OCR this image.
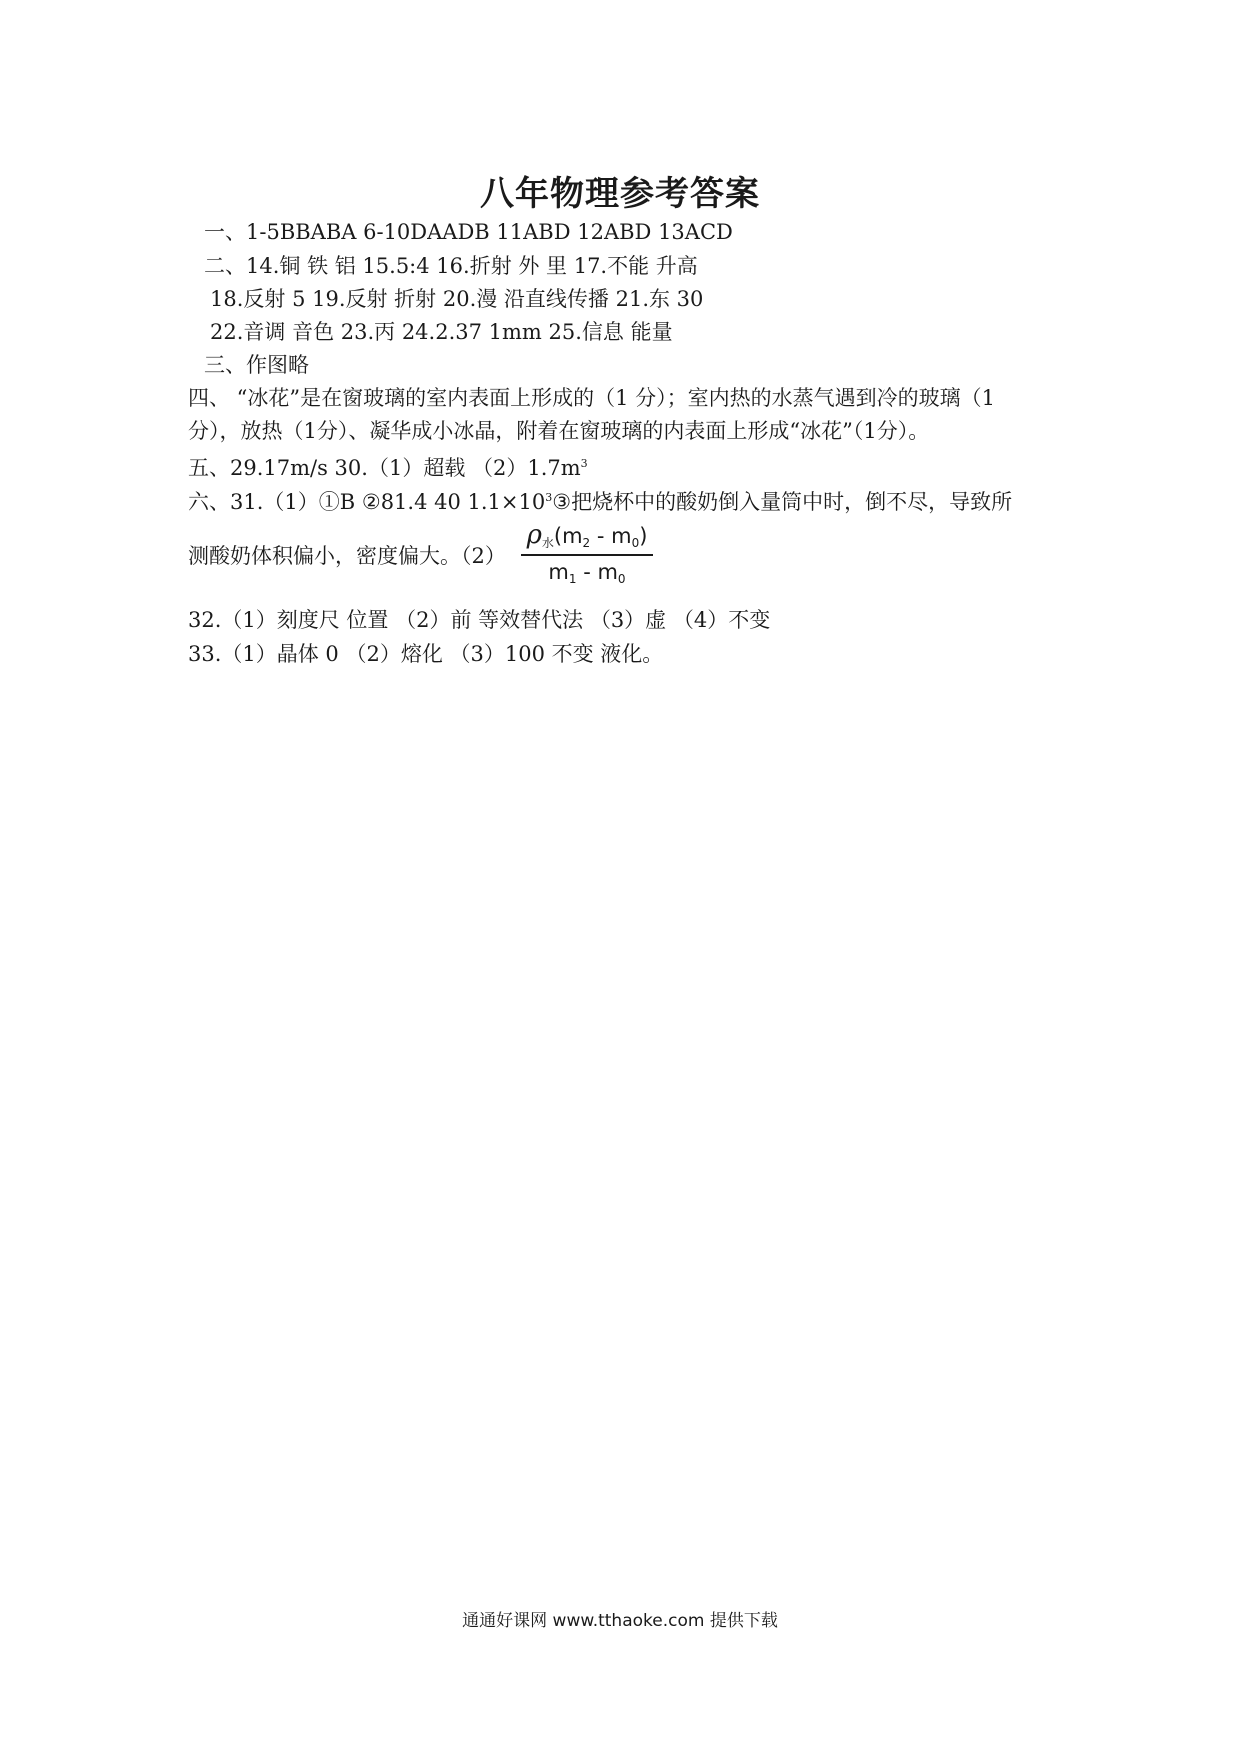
八年物理参考答案
一、1-5BBABA 6-10DAADB 11ABD 12ABD 13ACD
二、14.铜 铁 铝 15.5:4 16.折射 外 里 17.不能 升高
18.反射 5 19.反射 折射 20.漫 沿直线传播 21.东 30
22.音调 音色 23.丙 24.2.37 1mm 25.信息 能量
三、作图略
四、 “冰花”是在窗玻璃的室内表面上形成的（1 分）；室内热的水蒸气遇到冷的玻璃（1
分），放热（1分）、凝华成小冰晶，附着在窗玻璃的内表面上形成“冰花”（1分）。
五、29.17m/s 30.（1）超载 $(2)1.7m^3$
六、31.（1）①B ②81.4 40 $1.1\times 10^3③$把烧杯中的酸奶倒入量筒中时，倒不尽，导致所
测酸奶体积偏小，密度偏大。（2）
$\rho_水(m_2 - m_0)$
$m_1 - m_0$
32.（1）刻度尺 位置 （2）前 等效替代法 （3）虚 （4）不变
33.（1）晶体 0 （2）熔化 （3）100 不变 液化。
通通好课网 www.tthaoke.com 提供下载
